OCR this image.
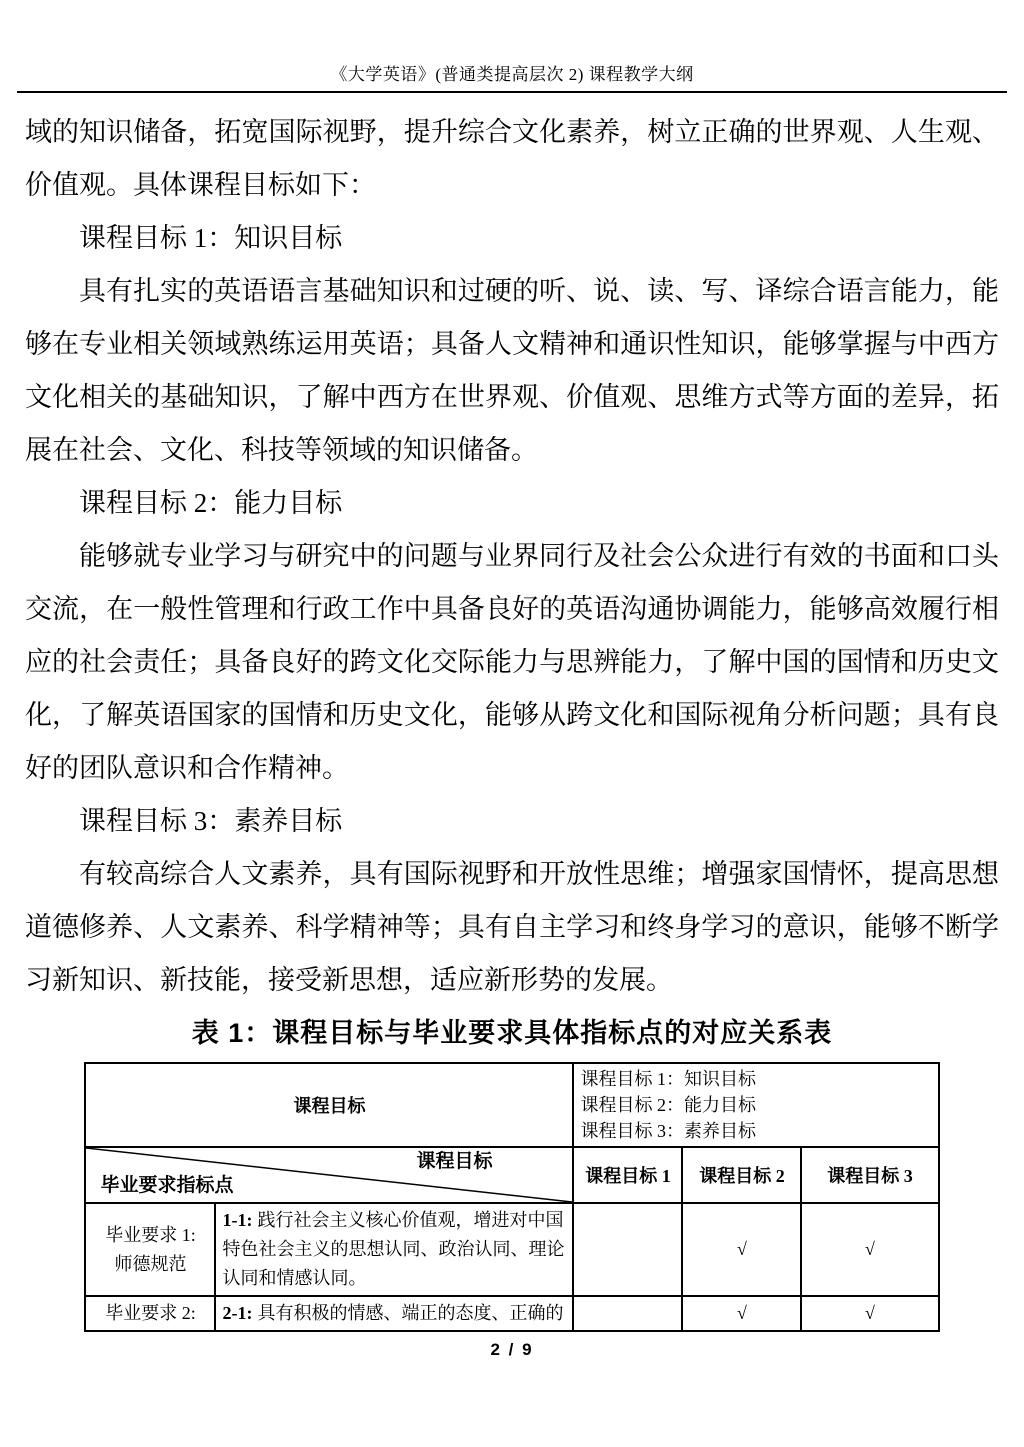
《大学英语》(普通类提高层次 2) 课程教学大纲

域的知识储备，拓宽国际视野，提升综合文化素养，树立正确的世界观、人生观、价值观。具体课程目标如下：

课程目标 1：知识目标

具有扎实的英语语言基础知识和过硬的听、说、读、写、译综合语言能力，能够在专业相关领域熟练运用英语；具备人文精神和通识性知识，能够掌握与中西方文化相关的基础知识，了解中西方在世界观、价值观、思维方式等方面的差异，拓展在社会、文化、科技等领域的知识储备。

课程目标 2：能力目标

能够就专业学习与研究中的问题与业界同行及社会公众进行有效的书面和口头交流，在一般性管理和行政工作中具备良好的英语沟通协调能力，能够高效履行相应的社会责任；具备良好的跨文化交际能力与思辨能力，了解中国的国情和历史文化，了解英语国家的国情和历史文化，能够从跨文化和国际视角分析问题；具有良好的团队意识和合作精神。

课程目标 3：素养目标

有较高综合人文素养，具有国际视野和开放性思维；增强家国情怀，提高思想道德修养、人文素养、科学精神等；具有自主学习和终身学习的意识，能够不断学习新知识、新技能，接受新思想，适应新形势的发展。

表 1：课程目标与毕业要求具体指标点的对应关系表
课程目标		课程目标 1：知识目标
课程目标 2：能力目标
课程目标 3：素养目标		

课程目标
毕业要求指标点		课程目标 1	课程目标 2	课程目标 3

毕业要求 1:
师德规范	1-1: 践行社会主义核心价值观，增进对中国特色社会主义的思想认同、政治认同、理论认同和情感认同。		√	√

毕业要求 2:	2-1: 具有积极的情感、端正的态度、正确的		√	√
2 / 9
